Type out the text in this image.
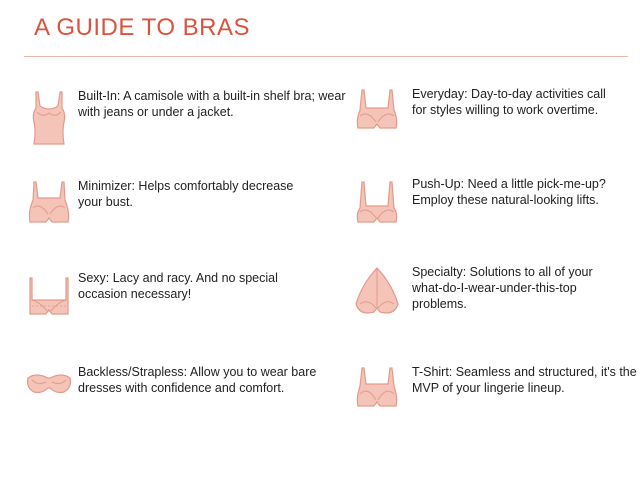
A GUIDE TO BRAS
Built-In: A camisole with a built-in shelf bra; wear with jeans or under a jacket.
Minimizer: Helps comfortably decrease your bust.
Sexy: Lacy and racy. And no special occasion necessary!
Backless/Strapless: Allow you to wear bare dresses with confidence and comfort.
Everyday: Day-to-day activities call for styles willing to work overtime.
Push-Up: Need a little pick-me-up? Employ these natural-looking lifts.
Specialty: Solutions to all of your what-do-I-wear-under-this-top problems.
T-Shirt: Seamless and structured, it's the MVP of your lingerie lineup.
